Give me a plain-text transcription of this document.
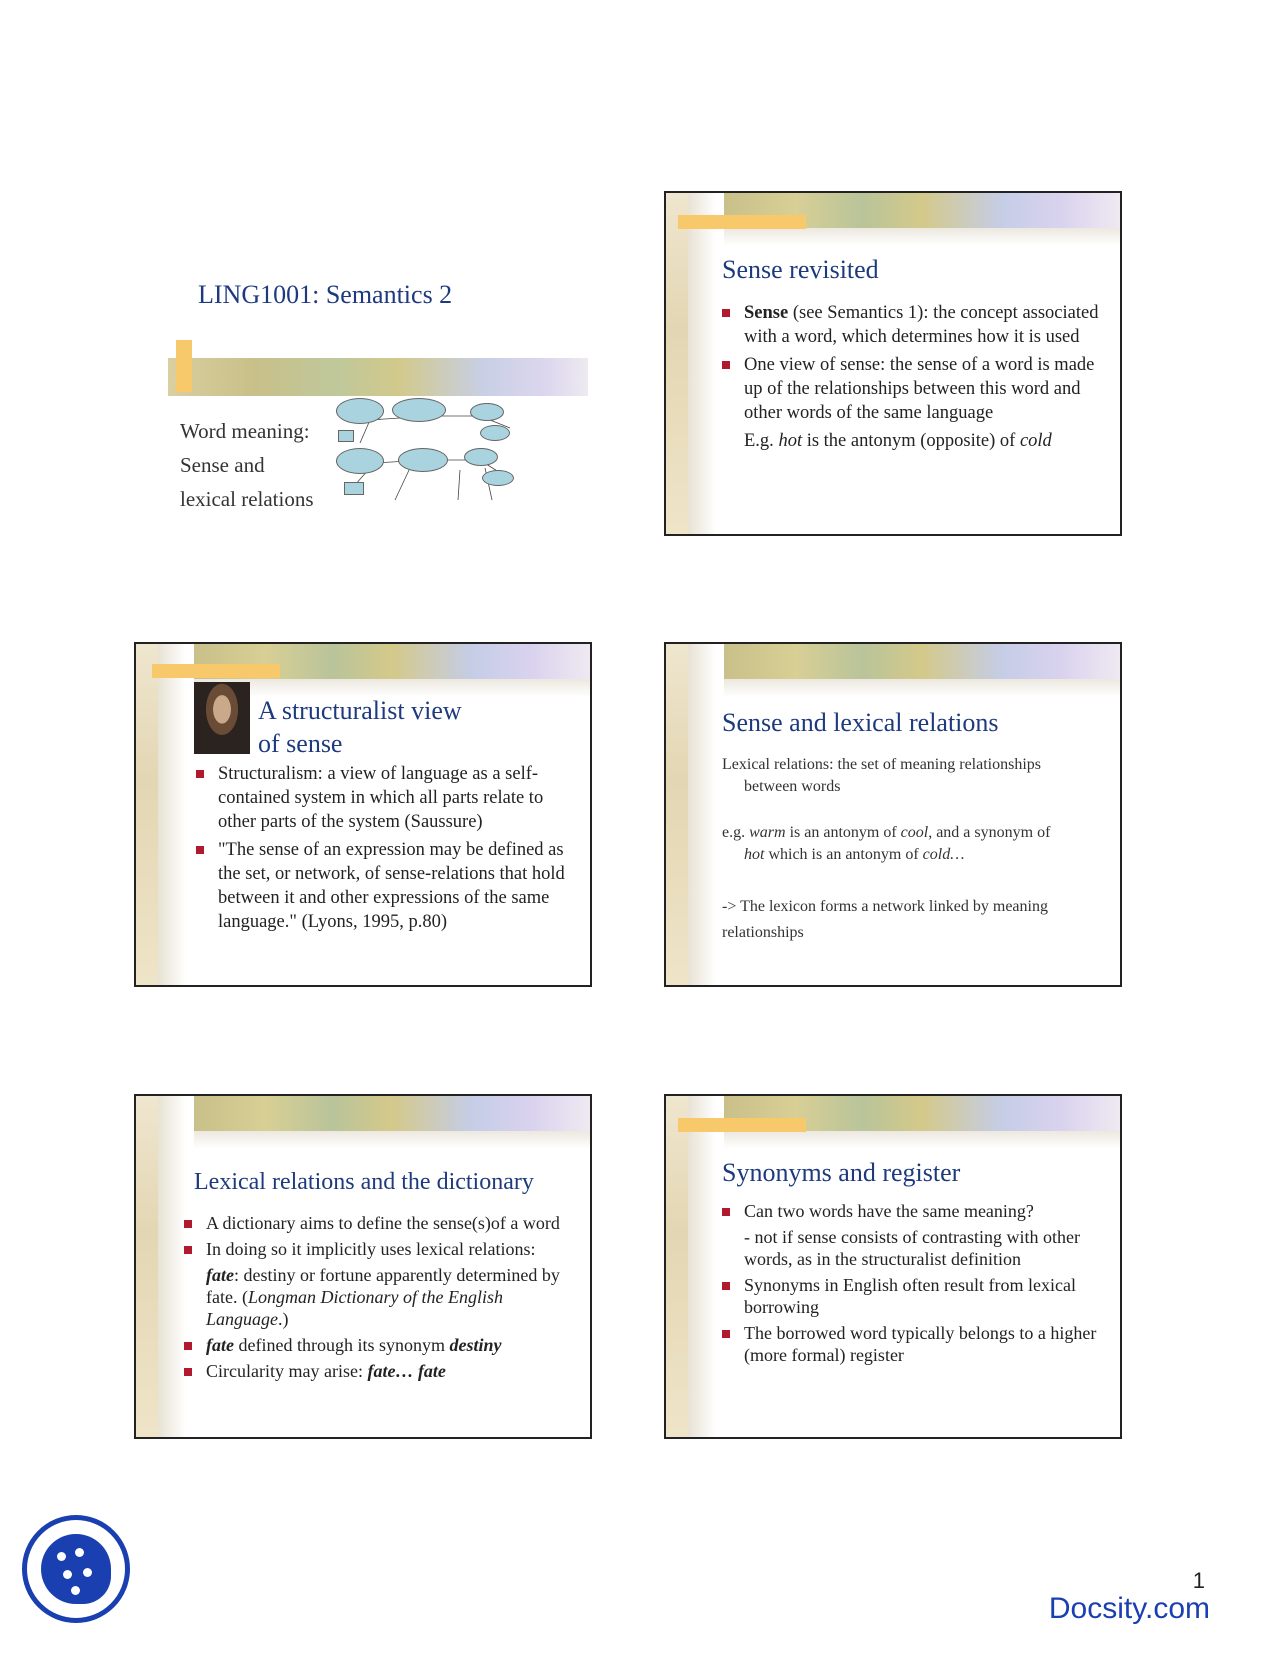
LING1001: Semantics 2
Word meaning:
Sense and
lexical relations
Sense revisited
Sense (see Semantics 1): the concept associated with a word, which determines how it is used
One view of sense: the sense of a word is made up of the relationships between this word and other words of the same language
E.g. hot is the antonym (opposite) of cold
A structuralist view
of sense
Structuralism: a view of language as a self-contained system in which all parts relate to other parts of the system (Saussure)
"The sense of an expression may be defined as the set, or network, of sense-relations that hold between it and other expressions of the same language." (Lyons, 1995, p.80)
Sense and lexical relations
Lexical relations: the set of meaning relationships
between words
e.g. warm is an antonym of cool, and a synonym of
hot which is an antonym of cold…
-> The lexicon forms a network linked by meaning
relationships
Lexical relations and the dictionary
A dictionary aims to define the sense(s)of a word
In doing so it implicitly uses lexical relations:
fate: destiny or fortune apparently determined by fate. (Longman Dictionary of the English Language.)
fate defined through its synonym destiny
Circularity may arise: fate… fate
Synonyms and register
Can two words have the same meaning?
- not if sense consists of contrasting with other words, as in the structuralist definition
Synonyms in English often result from lexical borrowing
The borrowed word typically belongs to a higher (more formal) register
1
Docsity.com
